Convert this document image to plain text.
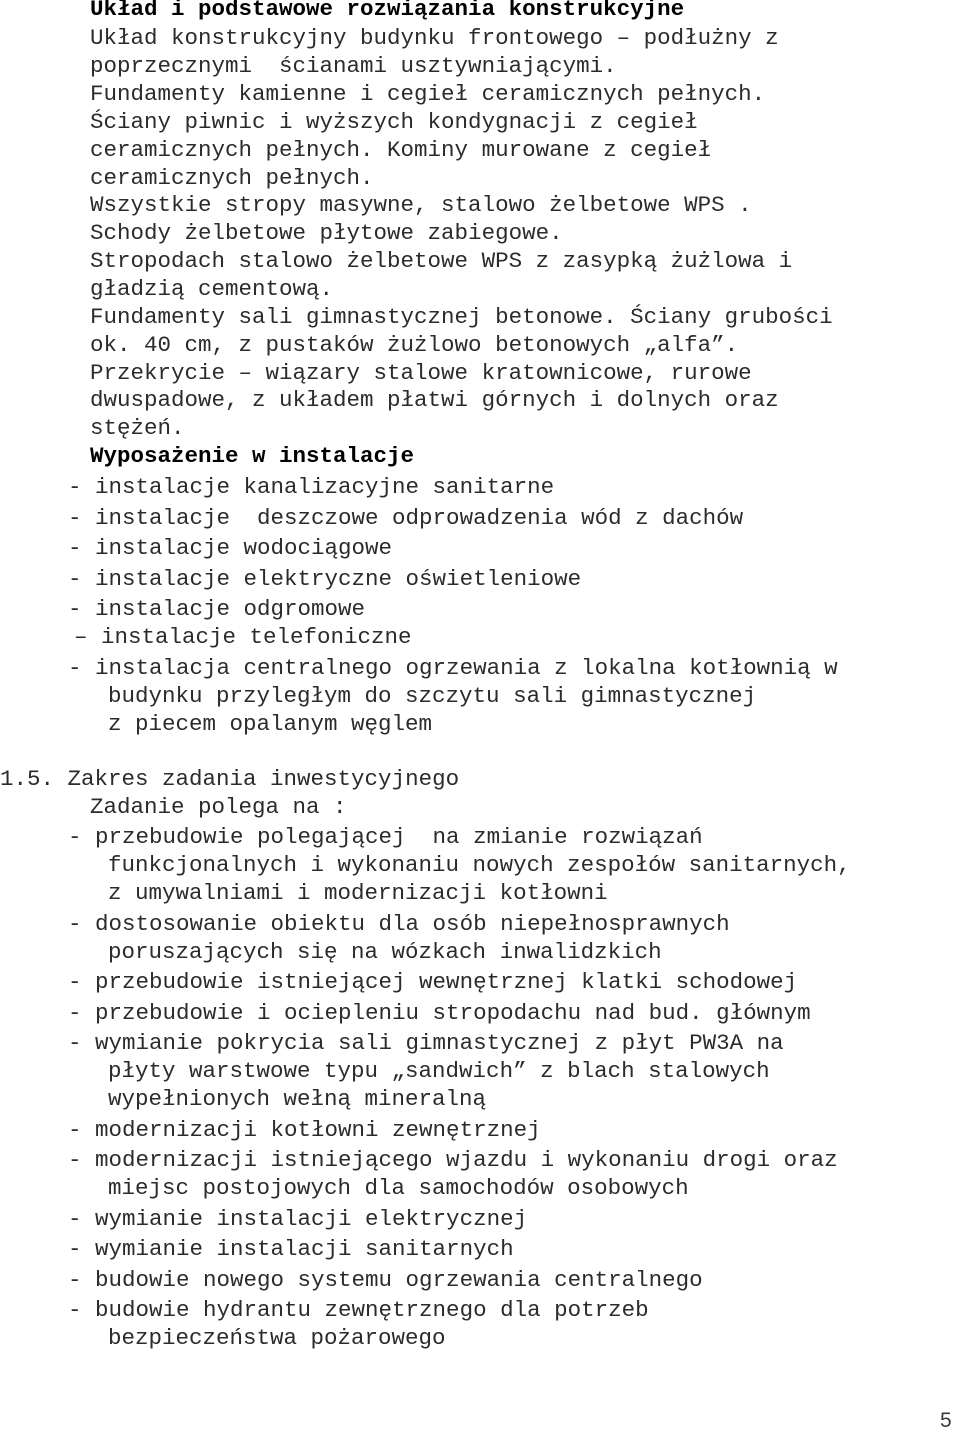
Układ i podstawowe rozwiązania konstrukcyjne
Układ konstrukcyjny budynku frontowego – podłużny z
poprzecznymi  ścianami usztywniającymi.
Fundamenty kamienne i cegieł ceramicznych pełnych.
Ściany piwnic i wyższych kondygnacji z cegieł
ceramicznych pełnych. Kominy murowane z cegieł
ceramicznych pełnych.
Wszystkie stropy masywne, stalowo żelbetowe WPS .
Schody żelbetowe płytowe zabiegowe.
Stropodach stalowo żelbetowe WPS z zasypką żużlowa i
gładzią cementową.
Fundamenty sali gimnastycznej betonowe. Ściany grubości
ok. 40 cm, z pustaków żużlowo betonowych „alfa”.
Przekrycie – wiązary stalowe kratownicowe, rurowe
dwuspadowe, z układem płatwi górnych i dolnych oraz
stężeń.
Wyposażenie w instalacje
- instalacje kanalizacyjne sanitarne
- instalacje  deszczowe odprowadzenia wód z dachów
- instalacje wodociągowe
- instalacje elektryczne oświetleniowe
- instalacje odgromowe
– instalacje telefoniczne
- instalacja centralnego ogrzewania z lokalna kotłownią w
budynku przyległym do szczytu sali gimnastycznej
z piecem opalanym węglem
1.5. Zakres zadania inwestycyjnego
Zadanie polega na :
- przebudowie polegającej  na zmianie rozwiązań
funkcjonalnych i wykonaniu nowych zespołów sanitarnych,
z umywalniami i modernizacji kotłowni
- dostosowanie obiektu dla osób niepełnosprawnych
poruszających się na wózkach inwalidzkich
- przebudowie istniejącej wewnętrznej klatki schodowej
- przebudowie i ociepleniu stropodachu nad bud. głównym
- wymianie pokrycia sali gimnastycznej z płyt PW3A na
płyty warstwowe typu „sandwich” z blach stalowych
wypełnionych wełną mineralną
- modernizacji kotłowni zewnętrznej
- modernizacji istniejącego wjazdu i wykonaniu drogi oraz
miejsc postojowych dla samochodów osobowych
- wymianie instalacji elektrycznej
- wymianie instalacji sanitarnych
- budowie nowego systemu ogrzewania centralnego
- budowie hydrantu zewnętrznego dla potrzeb
bezpieczeństwa pożarowego
5
